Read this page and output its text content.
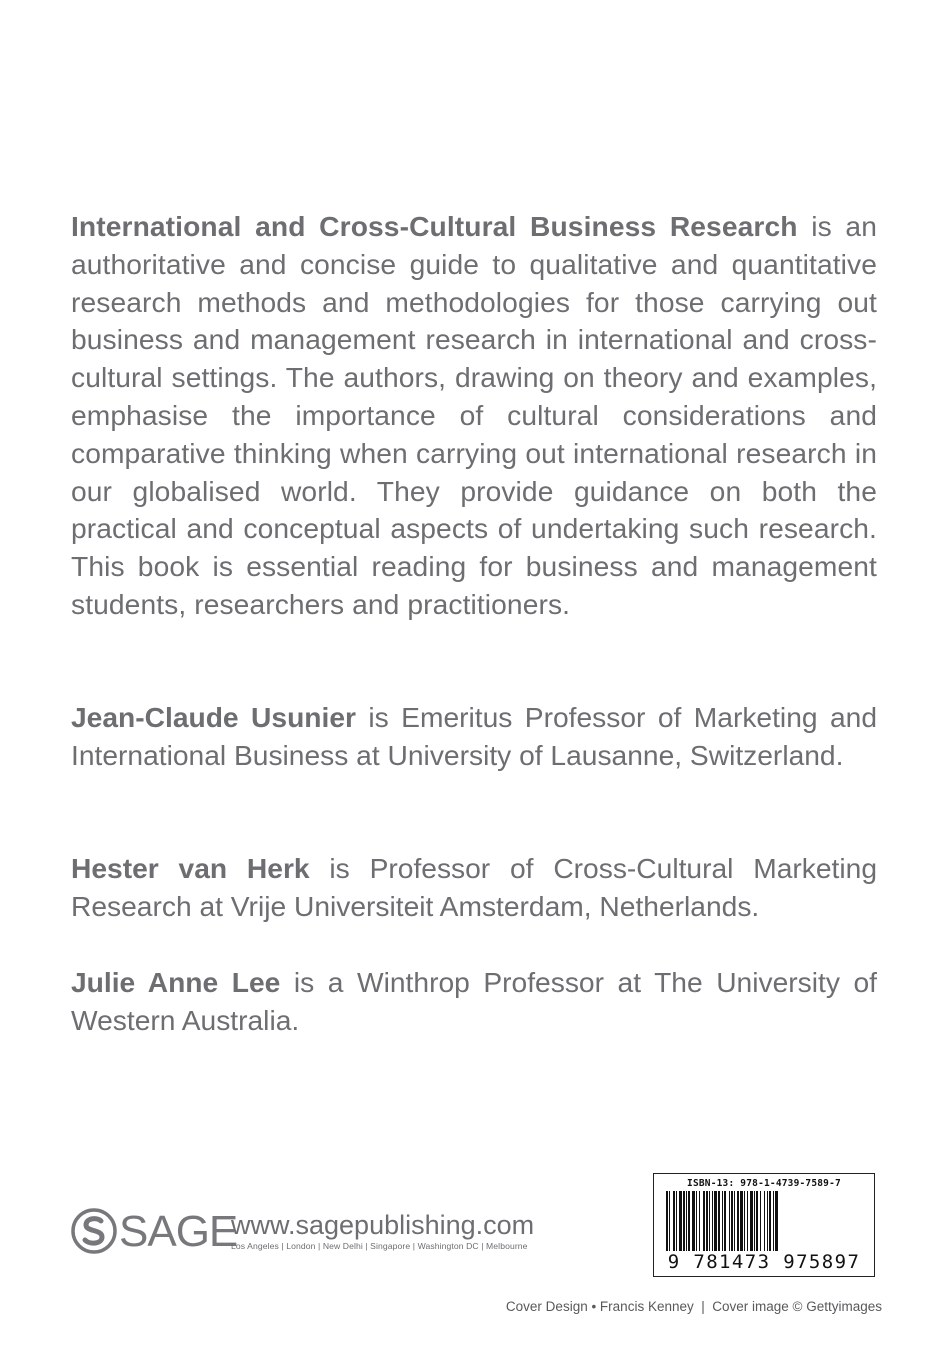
International and Cross-Cultural Business Research is an authoritative and concise guide to qualitative and quantitative research methods and methodologies for those carrying out business and management research in international and cross-cultural settings. The authors, drawing on theory and examples, emphasise the importance of cultural considerations and comparative thinking when carrying out international research in our globalised world. They provide guidance on both the practical and conceptual aspects of undertaking such research. This book is essential reading for business and management students, researchers and practitioners.

Jean-Claude Usunier is Emeritus Professor of Marketing and International Business at University of Lausanne, Switzerland.

Hester van Herk is Professor of Cross-Cultural Marketing Research at Vrije Universiteit Amsterdam, Netherlands.

Julie Anne Lee is a Winthrop Professor at The University of Western Australia.

SAGE
www.sagepublishing.com
Los Angeles | London | New Delhi | Singapore | Washington DC | Melbourne
ISBN-13: 978-1-4739-7589-7
9 781473 975897
Cover Design • Francis Kenney  |  Cover image © Gettyimages
